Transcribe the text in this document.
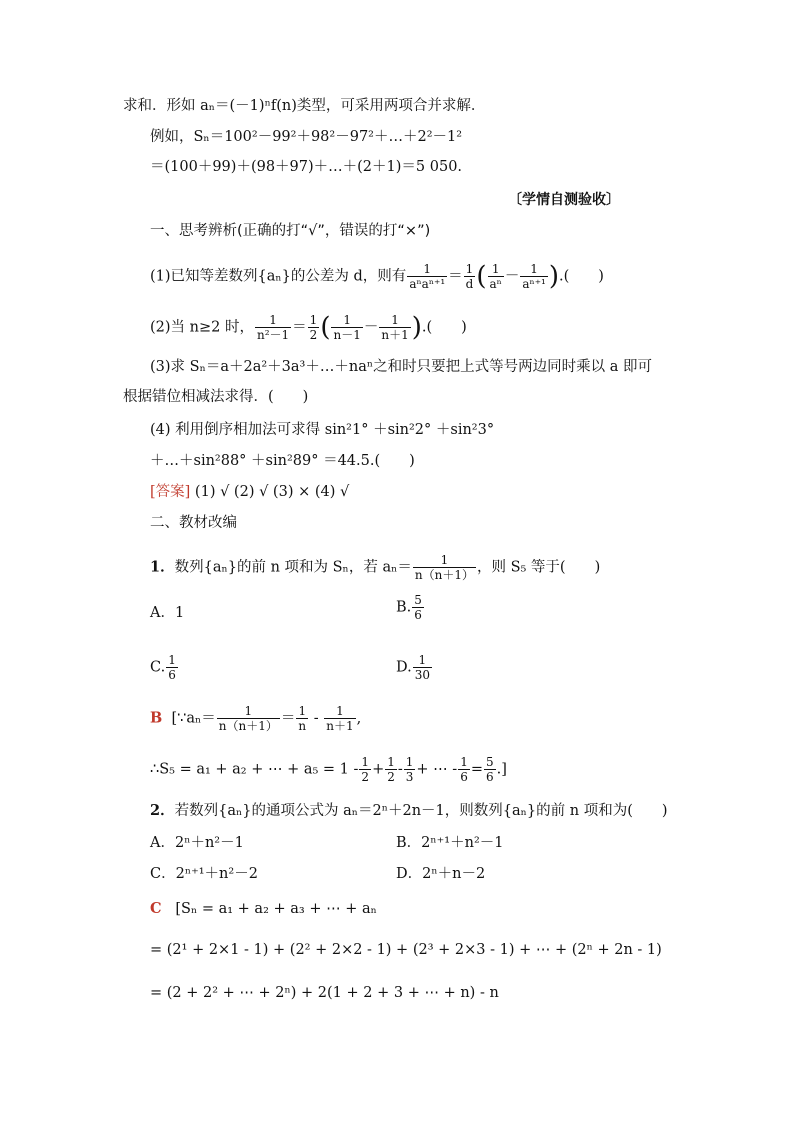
求和．形如 aₙ＝(－1)ⁿf(n)类型，可采用两项合并求解．
例如，Sₙ＝100²－99²＋98²－97²＋…＋2²－1²
＝(100＋99)＋(98＋97)＋…＋(2＋1)＝5 050.
〔学情自测验收〕
一、思考辨析(正确的打“√”，错误的打“×”)
(1)已知等差数列{aₙ}的公差为 d，则有 $\frac{1}{\text{aⁿaⁿ⁺¹}} = \frac{1}{d}$ ( $\frac{1}{\text{aⁿ}} - \frac{1}{\text{aⁿ⁺¹}}$ ).(　　)
(2)当 n≥2 时， $\frac{1}{\text{n²－1}} = \frac{1}{2}$ ( $\frac{1}{n-1} - \frac{1}{n+1}$ ).(　　)
(3)求 Sₙ＝a＋2a²＋3a³＋…＋naⁿ之和时只要把上式等号两边同时乘以 a 即可
根据错位相减法求得．(　　)
(4) 利用倒序相加法可求得 sin²1° ＋sin²2° ＋sin²3°
＋…＋sin²88° ＋sin²89° ＝44.5.(　　)
[答案] (1) √ (2) √ (3) × (4) √
二、教材改编
1．数列{aₙ}的前 n 项和为 Sₙ，若 $a_n= \frac{1}{n(n+1)}$ ，则 S₅ 等于(　　)
A．1	B. $\frac{5}{6}$
C. $\frac{1}{6}$	D. $\frac{1}{30}$
B [∵aₙ＝ $\frac{1}{n(n+1)} = \frac{1}{n} - \frac{1}{n+1}$ ,
∴S₅ = a₁ + a₂ + ⋯ + $a_5 = 1 - \frac{1}{2} + \frac{1}{2} - \frac{1}{3}$ + ⋯ - $\frac{1}{6} = \frac{5}{6}$ .]
2．若数列{aₙ}的通项公式为 aₙ＝2ⁿ＋2n－1，则数列{aₙ}的前 n 项和为(　　)
A．2ⁿ＋n²－1	B．2ⁿ⁺¹＋n²－1
C．2ⁿ⁺¹＋n²－2	D．2ⁿ＋n－2
C [Sₙ = a₁ + a₂ + a₃ + ⋯ + aₙ
= (2¹ + 2×1 - 1) + (2² + 2×2 - 1) + (2³ + 2×3 - 1) + ⋯ + (2ⁿ + 2n - 1)
= (2 + 2² + ⋯ + 2ⁿ) + 2(1 + 2 + 3 + ⋯ + n) - n
